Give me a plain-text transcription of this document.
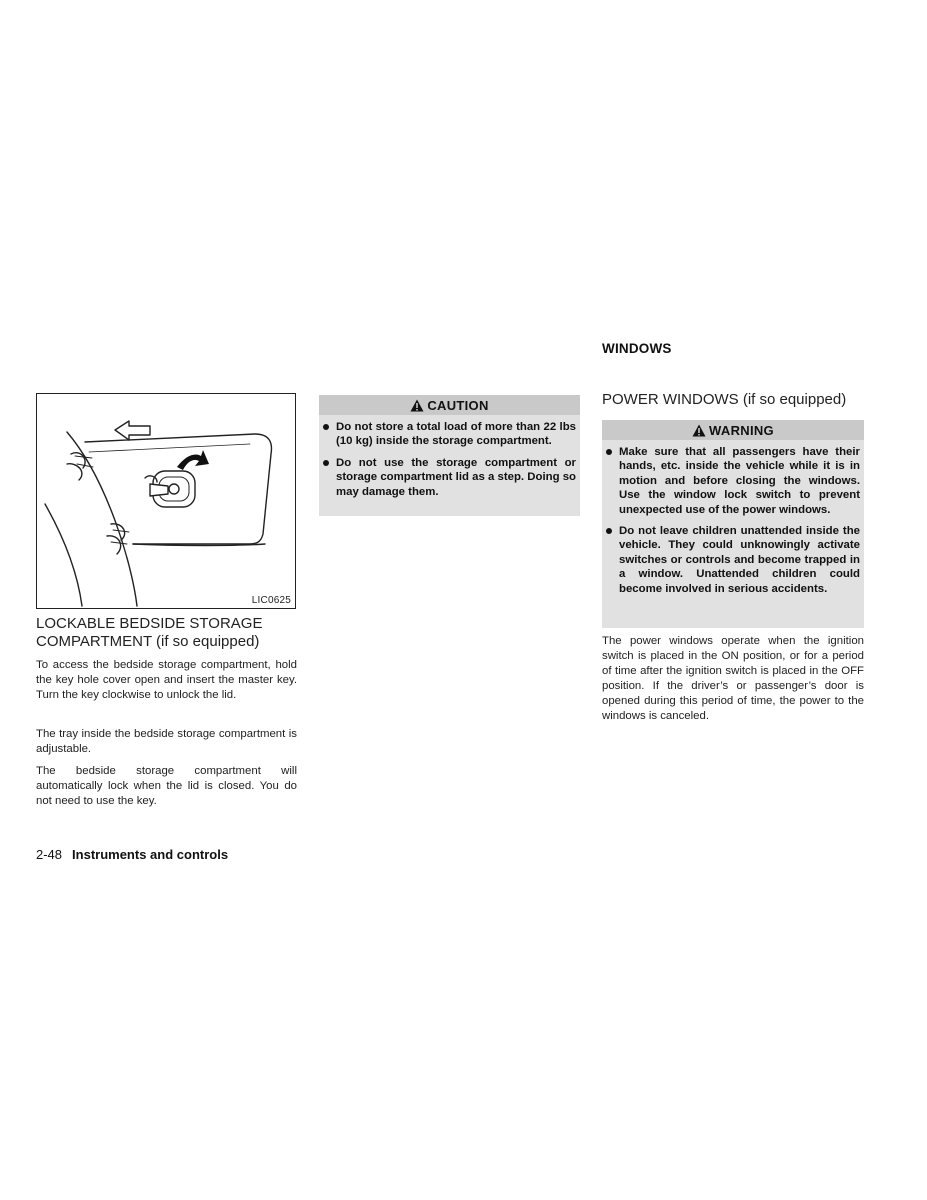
LIC0625

LOCKABLE BEDSIDE STORAGE

COMPARTMENT (if so equipped)

To access the bedside storage compartment, hold the key hole cover open and insert the master key. Turn the key clockwise to unlock the lid.

The tray inside the bedside storage compartment is adjustable.

The bedside storage compartment will automatically lock when the lid is closed. You do not need to use the key.

CAUTION
Do not store a total load of more than 22 lbs (10 kg) inside the storage compartment.
Do not use the storage compartment or storage compartment lid as a step. Doing so may damage them.
WINDOWS

POWER WINDOWS (if so equipped)

WARNING
Make sure that all passengers have their hands, etc. inside the vehicle while it is in motion and before closing the windows. Use the window lock switch to prevent unexpected use of the power windows.
Do not leave children unattended inside the vehicle. They could unknowingly activate switches or controls and become trapped in a window. Unattended children could become involved in serious accidents.

The power windows operate when the ignition switch is placed in the ON position, or for a period of time after the ignition switch is placed in the OFF position. If the driver’s or passenger’s door is opened during this period of time, the power to the windows is canceled.

2-48 Instruments and controls
